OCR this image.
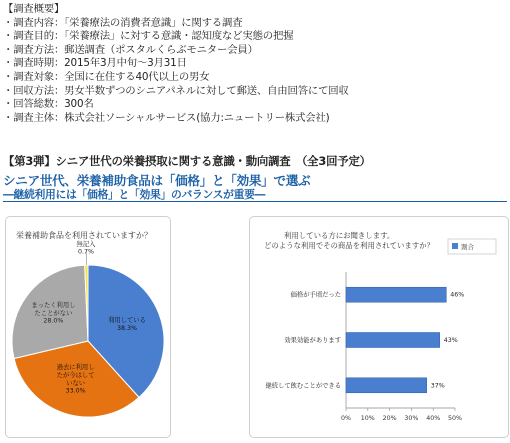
【調査概要】
・調査内容：「栄養療法の消費者意識」に関する調査
・調査目的：「栄養療法」に対する意識・認知度など実態の把握
・調査方法：郵送調査（ポスタルくらぶモニター会員）
・調査時期：2015年3月中旬～3月31日
・調査対象：全国に在住する40代以上の男女
・回収方法：男女半数ずつのシニアパネルに対して郵送、自由回答にて回収
・回答総数：300名
・調査主体：株式会社ソーシャルサービス(協力:ニュートリー株式会社)
【第3弾】シニア世代の栄養摂取に関する意識・動向調査　（全3回予定）
シニア世代、栄養補助食品は「価格」と「効果」で選ぶ
―継続利用には「価格」と「効果」のバランスが重要―
栄養補助食品を利用されていますか？
利用している 38.3%
過去に利用したが今はしていない 33.0%
まったく利用したことがない 28.0%
無記入 0.7%
利用している方にお聞きします。
どのような利用でその商品を利用されていますか？	割合
0% 10% 20% 30% 40% 50%
価格が手頃だった	46%
効果効能があります	43%
継続して飲むことができる	37%
